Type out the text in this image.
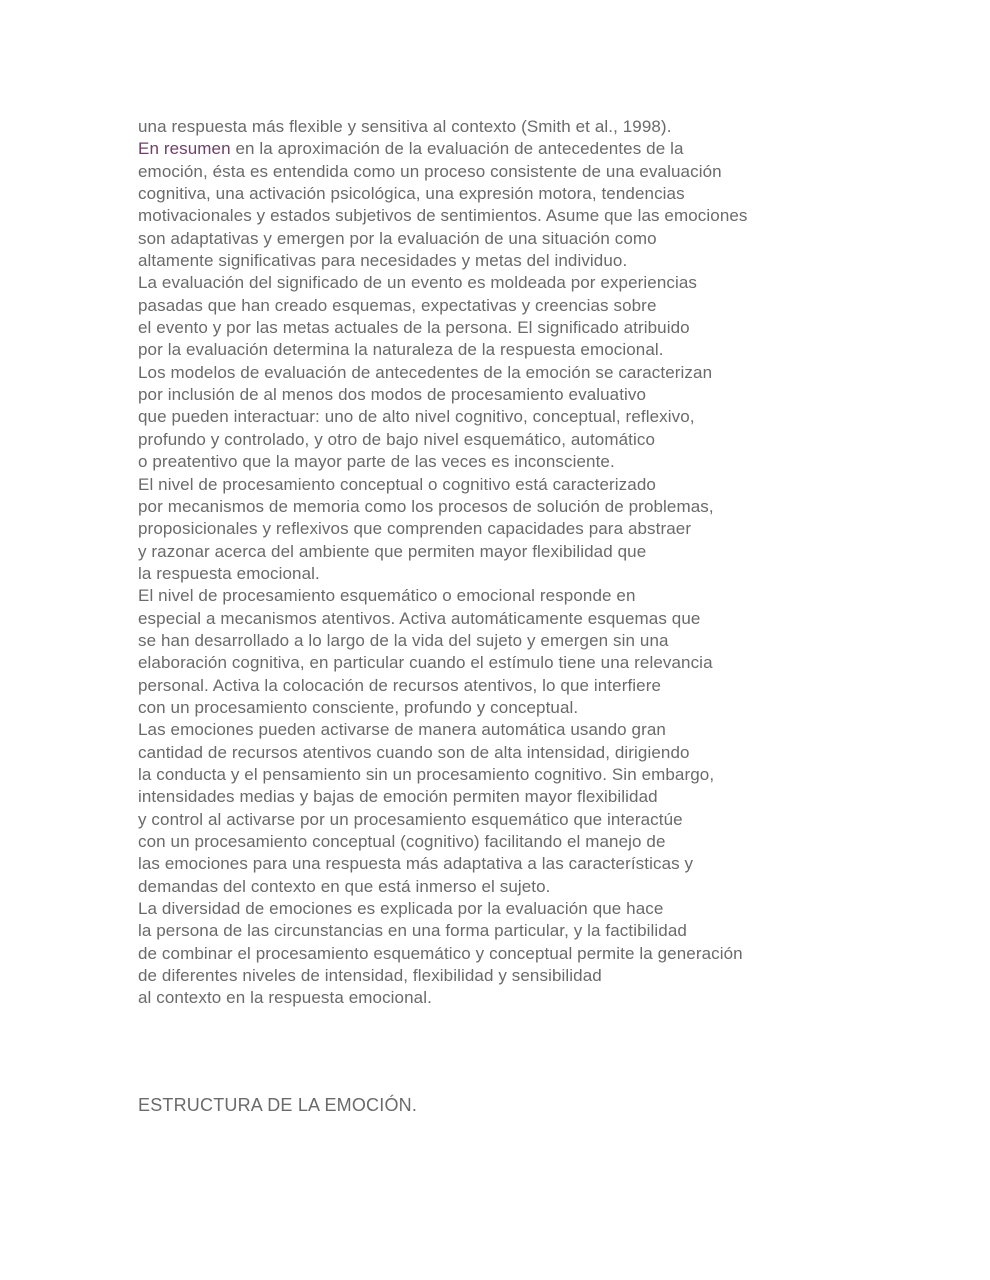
una respuesta más flexible y sensitiva al contexto (Smith et al., 1998).
En resumen en la aproximación de la evaluación de antecedentes de la
emoción, ésta es entendida como un proceso consistente de una evaluación
cognitiva, una activación psicológica, una expresión motora, tendencias
motivacionales y estados subjetivos de sentimientos. Asume que las emociones
son adaptativas y emergen por la evaluación de una situación como
altamente significativas para necesidades y metas del individuo.
La evaluación del significado de un evento es moldeada por experiencias
pasadas que han creado esquemas, expectativas y creencias sobre
el evento y por las metas actuales de la persona. El significado atribuido
por la evaluación determina la naturaleza de la respuesta emocional.
Los modelos de evaluación de antecedentes de la emoción se caracterizan
por inclusión de al menos dos modos de procesamiento evaluativo
que pueden interactuar: uno de alto nivel cognitivo, conceptual, reflexivo,
profundo y controlado, y otro de bajo nivel esquemático, automático
o preatentivo que la mayor parte de las veces es inconsciente.
El nivel de procesamiento conceptual o cognitivo está caracterizado
por mecanismos de memoria como los procesos de solución de problemas,
proposicionales y reflexivos que comprenden capacidades para abstraer
y razonar acerca del ambiente que permiten mayor flexibilidad que
la respuesta emocional.
El nivel de procesamiento esquemático o emocional responde en
especial a mecanismos atentivos. Activa automáticamente esquemas que
se han desarrollado a lo largo de la vida del sujeto y emergen sin una
elaboración cognitiva, en particular cuando el estímulo tiene una relevancia
personal. Activa la colocación de recursos atentivos, lo que interfiere
con un procesamiento consciente, profundo y conceptual.
Las emociones pueden activarse de manera automática usando gran
cantidad de recursos atentivos cuando son de alta intensidad, dirigiendo
la conducta y el pensamiento sin un procesamiento cognitivo. Sin embargo,
intensidades medias y bajas de emoción permiten mayor flexibilidad
y control al activarse por un procesamiento esquemático que interactúe
con un procesamiento conceptual (cognitivo) facilitando el manejo de
las emociones para una respuesta más adaptativa a las características y
demandas del contexto en que está inmerso el sujeto.
La diversidad de emociones es explicada por la evaluación que hace
la persona de las circunstancias en una forma particular, y la factibilidad
de combinar el procesamiento esquemático y conceptual permite la generación
de diferentes niveles de intensidad, flexibilidad y sensibilidad
al contexto en la respuesta emocional.
ESTRUCTURA DE LA EMOCIÓN.
